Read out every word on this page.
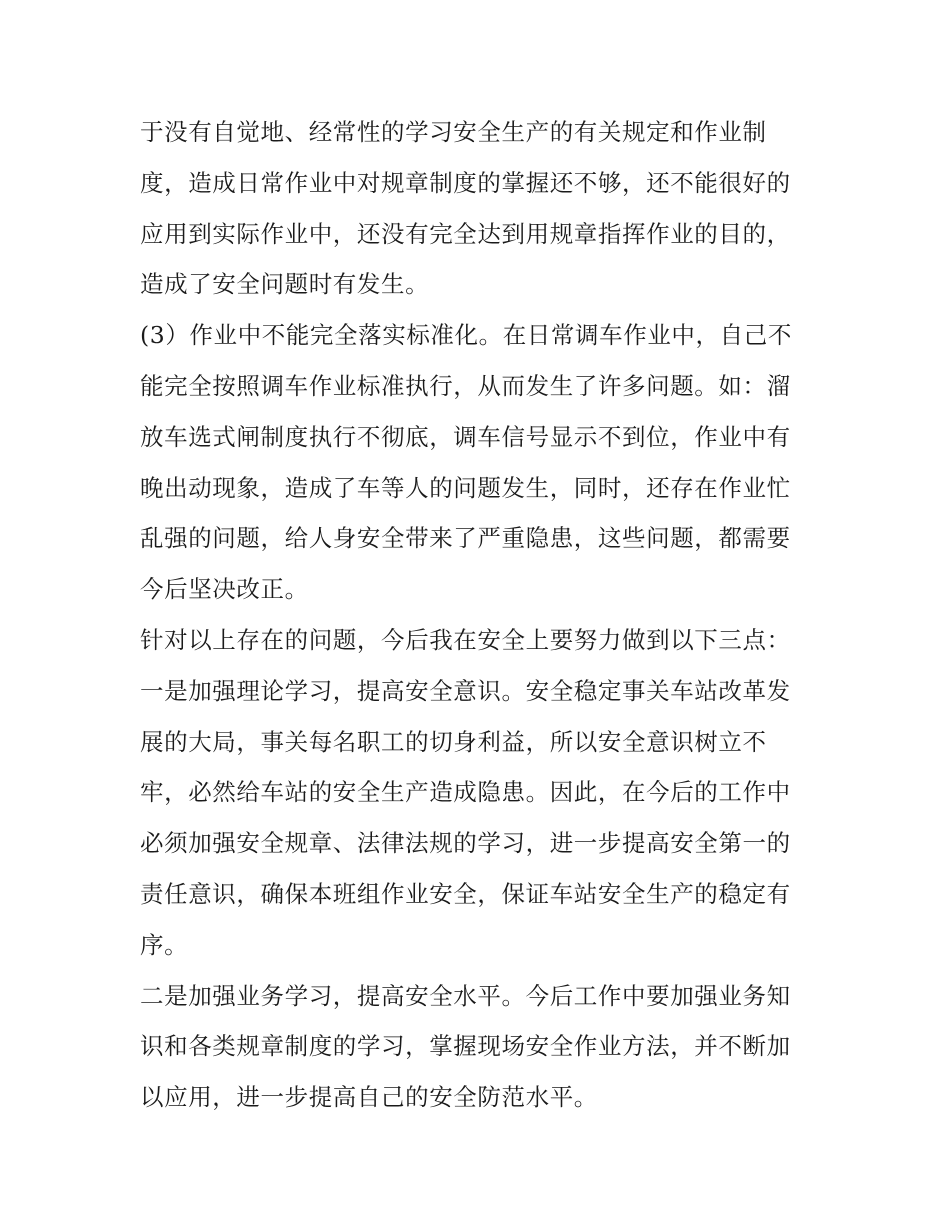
于没有自觉地、经常性的学习安全生产的有关规定和作业制
度，造成日常作业中对规章制度的掌握还不够，还不能很好的
应用到实际作业中，还没有完全达到用规章指挥作业的目的，
造成了安全问题时有发生。
(3）作业中不能完全落实标准化。在日常调车作业中，自己不
能完全按照调车作业标准执行，从而发生了许多问题。如：溜
放车选式闸制度执行不彻底，调车信号显示不到位，作业中有
晚出动现象，造成了车等人的问题发生，同时，还存在作业忙
乱强的问题，给人身安全带来了严重隐患，这些问题，都需要
今后坚决改正。
针对以上存在的问题，今后我在安全上要努力做到以下三点：
一是加强理论学习，提高安全意识。安全稳定事关车站改革发
展的大局，事关每名职工的切身利益，所以安全意识树立不
牢，必然给车站的安全生产造成隐患。因此，在今后的工作中
必须加强安全规章、法律法规的学习，进一步提高安全第一的
责任意识，确保本班组作业安全，保证车站安全生产的稳定有
序。
二是加强业务学习，提高安全水平。今后工作中要加强业务知
识和各类规章制度的学习，掌握现场安全作业方法，并不断加
以应用，进一步提高自己的安全防范水平。
